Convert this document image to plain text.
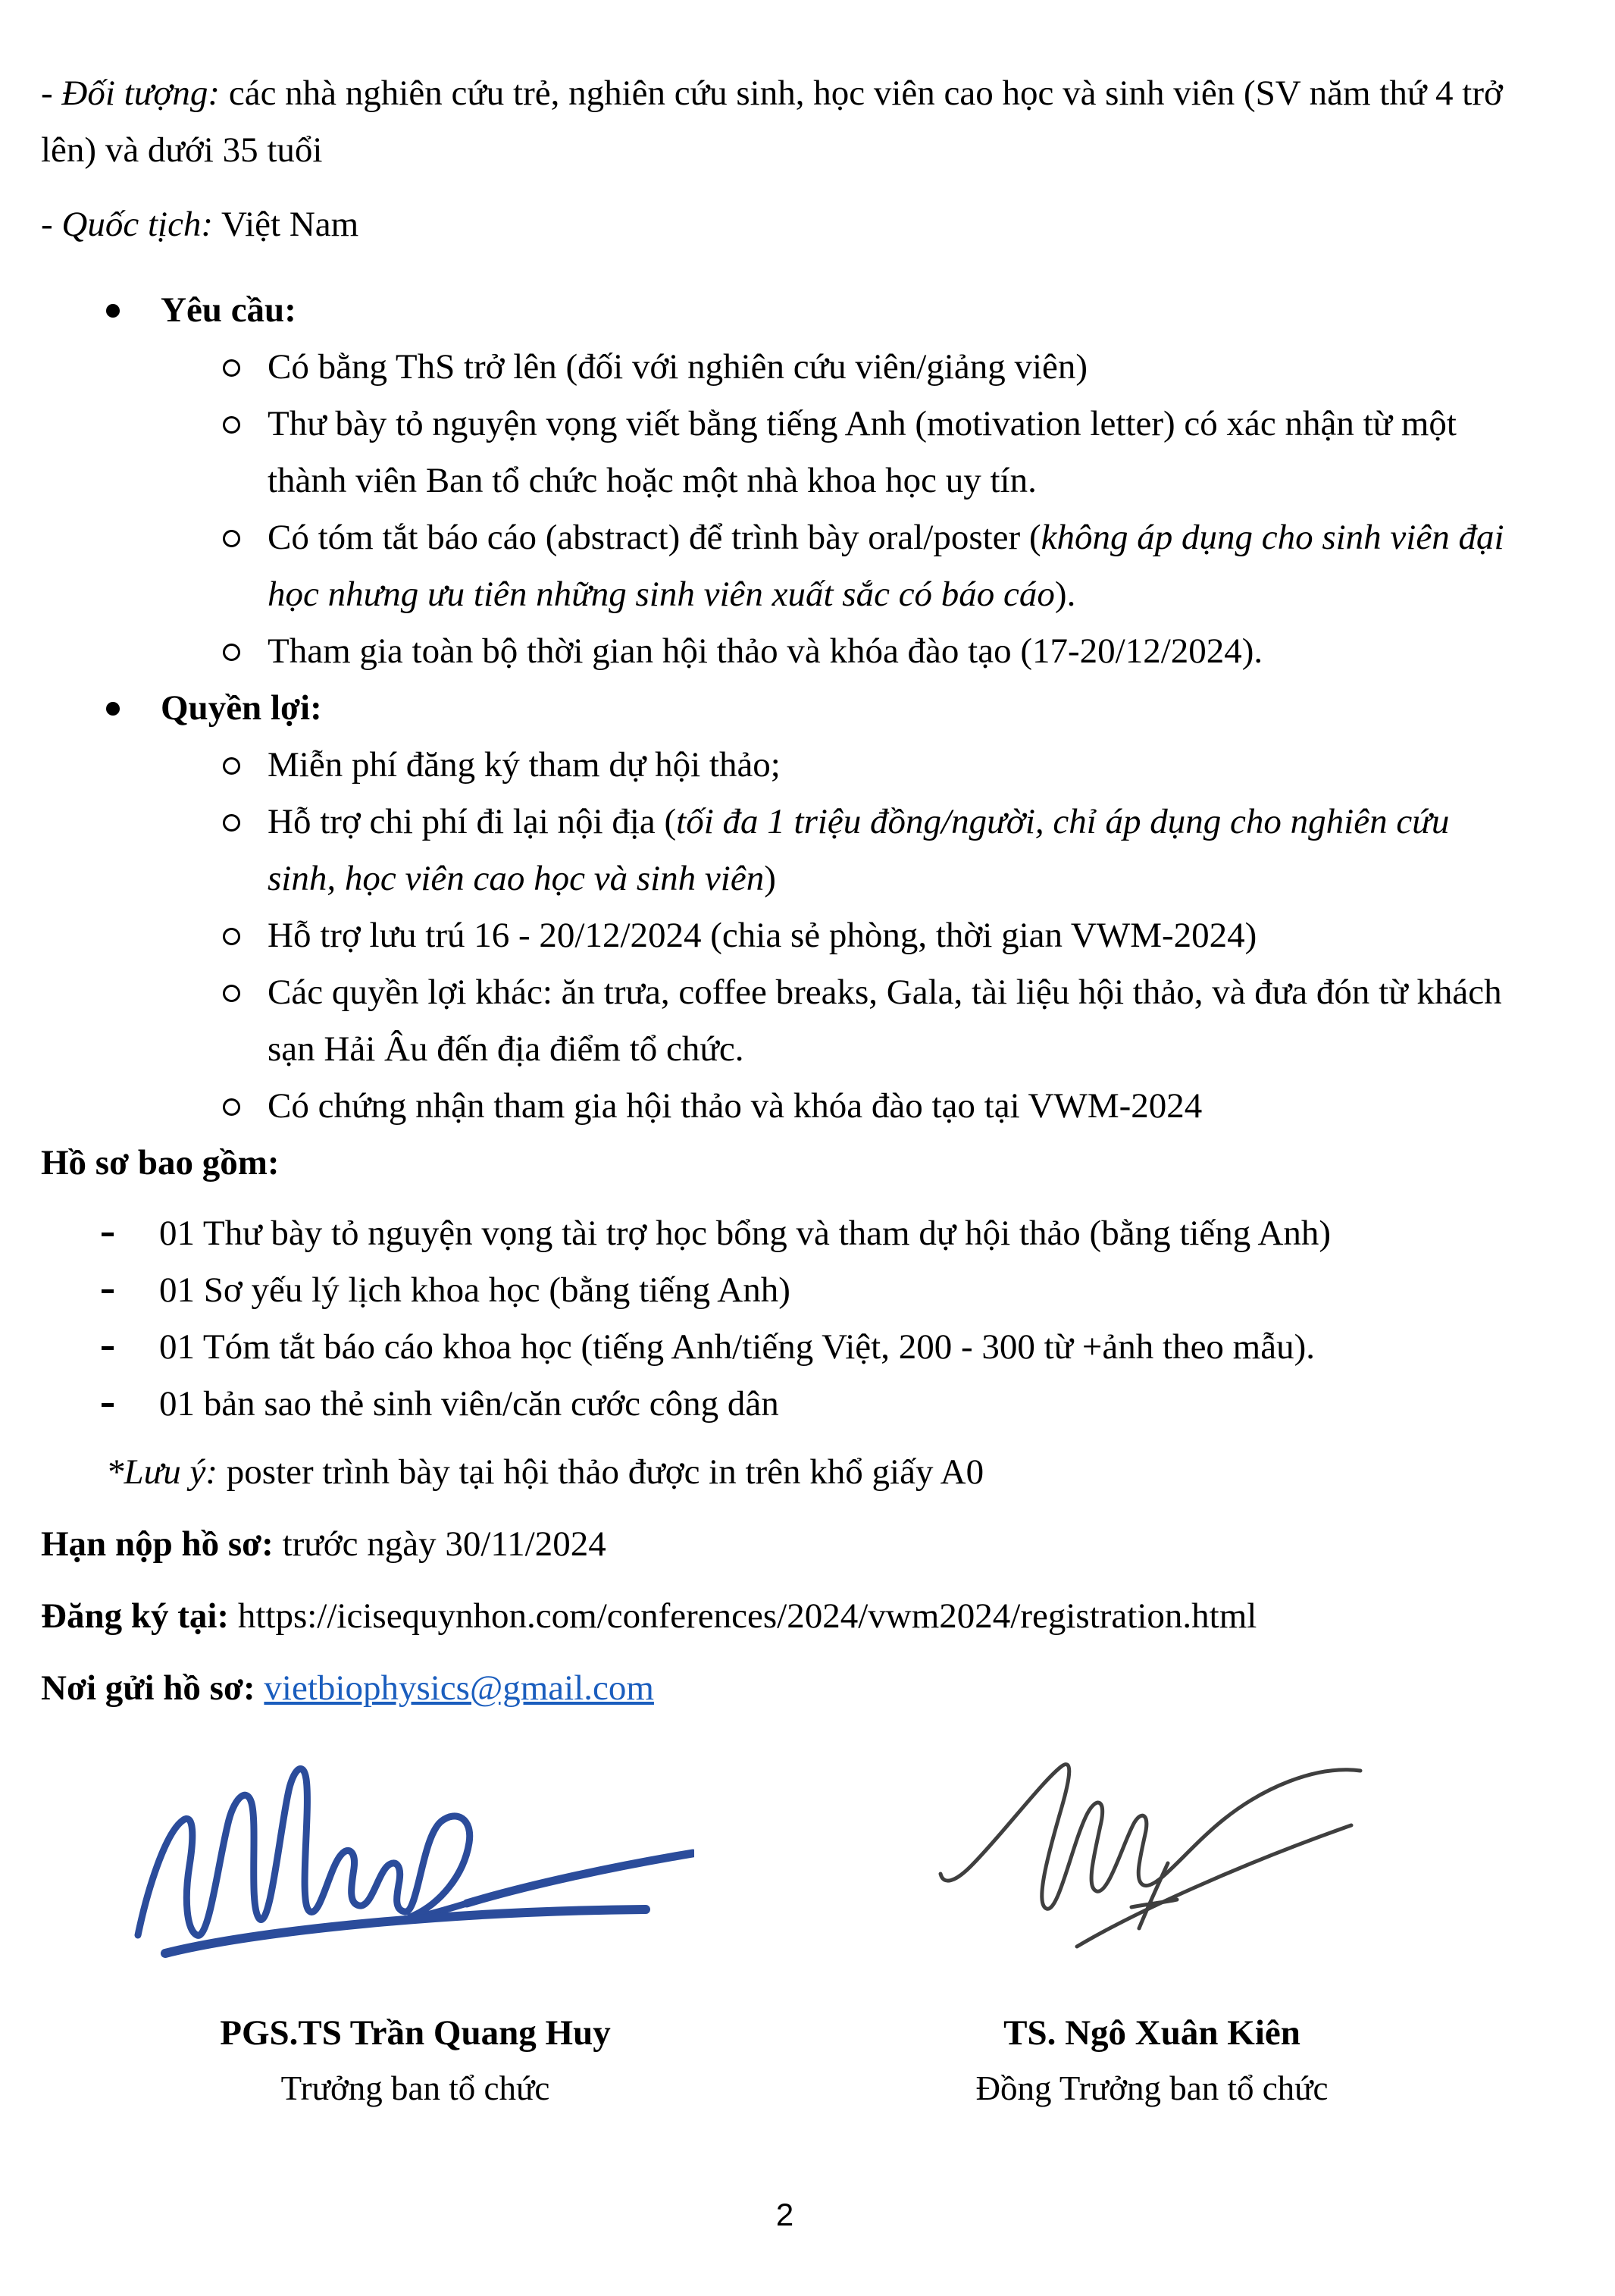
- Đối tượng: các nhà nghiên cứu trẻ, nghiên cứu sinh, học viên cao học và sinh viên (SV năm thứ 4 trở lên) và dưới 35 tuổi

- Quốc tịch: Việt Nam

Yêu cầu:
Có bằng ThS trở lên (đối với nghiên cứu viên/giảng viên)
Thư bày tỏ nguyện vọng viết bằng tiếng Anh (motivation letter) có xác nhận từ một thành viên Ban tổ chức hoặc một nhà khoa học uy tín.
Có tóm tắt báo cáo (abstract) để trình bày oral/poster (không áp dụng cho sinh viên đại học nhưng ưu tiên những sinh viên xuất sắc có báo cáo).
Tham gia toàn bộ thời gian hội thảo và khóa đào tạo (17-20/12/2024).
Quyền lợi:
Miễn phí đăng ký tham dự hội thảo;
Hỗ trợ chi phí đi lại nội địa (tối đa 1 triệu đồng/người, chỉ áp dụng cho nghiên cứu sinh, học viên cao học và sinh viên)
Hỗ trợ lưu trú 16 - 20/12/2024 (chia sẻ phòng, thời gian VWM-2024)
Các quyền lợi khác: ăn trưa, coffee breaks, Gala, tài liệu hội thảo, và đưa đón từ khách sạn Hải Âu đến địa điểm tổ chức.
Có chứng nhận tham gia hội thảo và khóa đào tạo tại VWM-2024

Hồ sơ bao gồm:

01 Thư bày tỏ nguyện vọng tài trợ học bổng và tham dự hội thảo (bằng tiếng Anh)
01 Sơ yếu lý lịch khoa học (bằng tiếng Anh)
01 Tóm tắt báo cáo khoa học (tiếng Anh/tiếng Việt, 200 - 300 từ +ảnh theo mẫu).
01 bản sao thẻ sinh viên/căn cước công dân

*Lưu ý: poster trình bày tại hội thảo được in trên khổ giấy A0

Hạn nộp hồ sơ: trước ngày 30/11/2024

Đăng ký tại: https://icisequynhon.com/conferences/2024/vwm2024/registration.html

Nơi gửi hồ sơ: vietbiophysics@gmail.com

PGS.TS Trần Quang Huy

Trưởng ban tổ chức

TS. Ngô Xuân Kiên

Đồng Trưởng ban tổ chức

2
